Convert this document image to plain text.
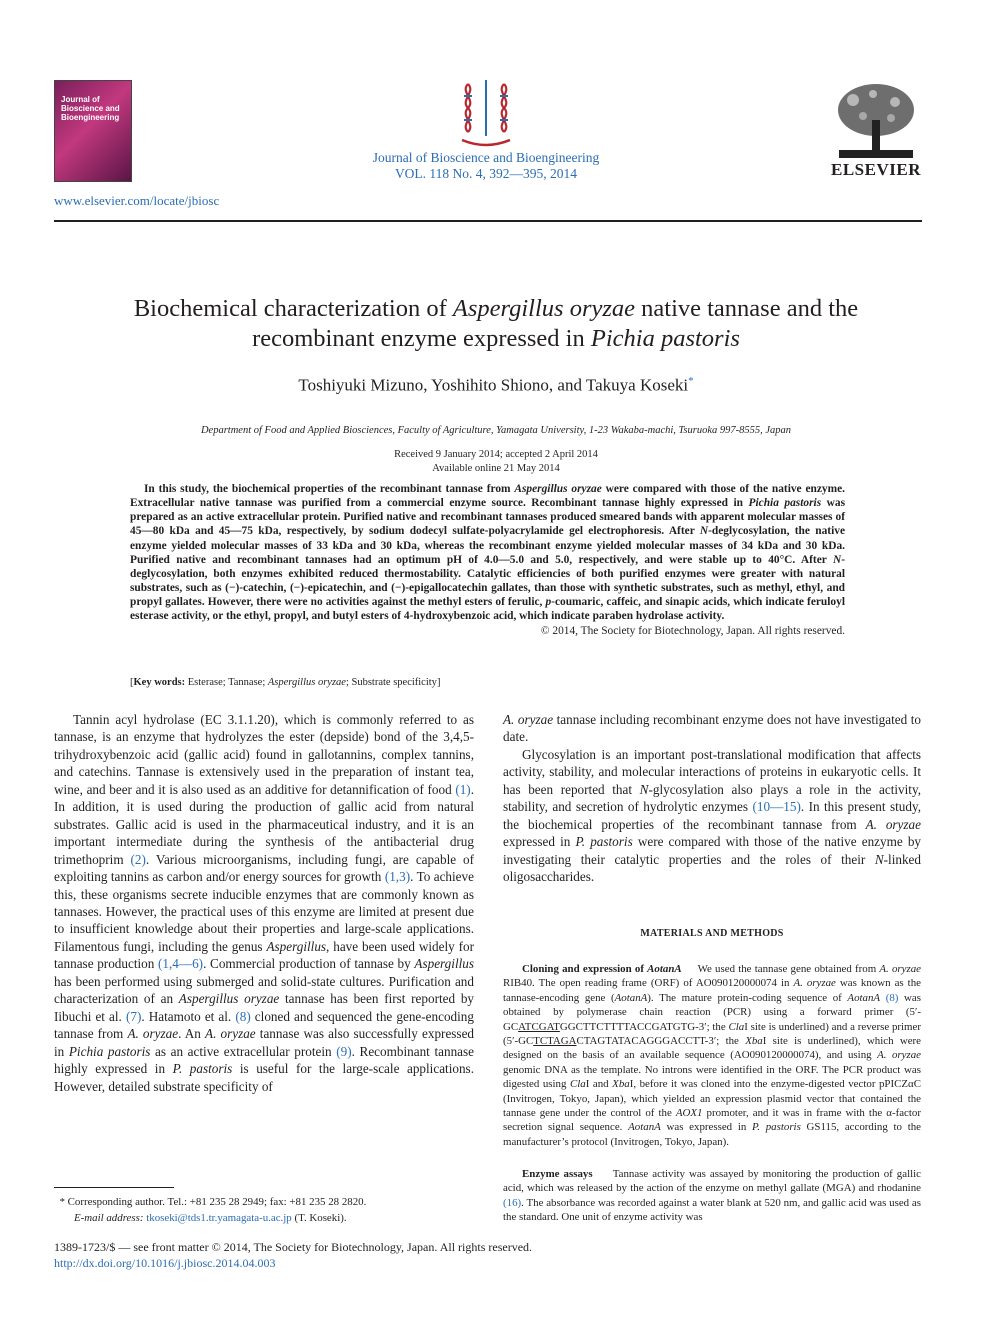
Journal of Bioscience and Bioengineering
Journal of Bioscience and Bioengineering
VOL. 118 No. 4, 392—395, 2014
www.elsevier.com/locate/jbiosc
ELSEVIER
Biochemical characterization of Aspergillus oryzae native tannase and the recombinant enzyme expressed in Pichia pastoris
Toshiyuki Mizuno, Yoshihito Shiono, and Takuya Koseki*
Department of Food and Applied Biosciences, Faculty of Agriculture, Yamagata University, 1-23 Wakaba-machi, Tsuruoka 997-8555, Japan
Received 9 January 2014; accepted 2 April 2014
Available online 21 May 2014
In this study, the biochemical properties of the recombinant tannase from Aspergillus oryzae were compared with those of the native enzyme. Extracellular native tannase was purified from a commercial enzyme source. Recombinant tannase highly expressed in Pichia pastoris was prepared as an active extracellular protein. Purified native and recombinant tannases produced smeared bands with apparent molecular masses of 45—80 kDa and 45—75 kDa, respectively, by sodium dodecyl sulfate-polyacrylamide gel electrophoresis. After N-deglycosylation, the native enzyme yielded molecular masses of 33 kDa and 30 kDa, whereas the recombinant enzyme yielded molecular masses of 34 kDa and 30 kDa. Purified native and recombinant tannases had an optimum pH of 4.0—5.0 and 5.0, respectively, and were stable up to 40°C. After N-deglycosylation, both enzymes exhibited reduced thermostability. Catalytic efficiencies of both purified enzymes were greater with natural substrates, such as (−)-catechin, (−)-epicatechin, and (−)-epigallocatechin gallates, than those with synthetic substrates, such as methyl, ethyl, and propyl gallates. However, there were no activities against the methyl esters of ferulic, p-coumaric, caffeic, and sinapic acids, which indicate feruloyl esterase activity, or the ethyl, propyl, and butyl esters of 4-hydroxybenzoic acid, which indicate paraben hydrolase activity.
© 2014, The Society for Biotechnology, Japan. All rights reserved.
[Key words: Esterase; Tannase; Aspergillus oryzae; Substrate specificity]

Tannin acyl hydrolase (EC 3.1.1.20), which is commonly referred to as tannase, is an enzyme that hydrolyzes the ester (depside) bond of the 3,4,5-trihydroxybenzoic acid (gallic acid) found in gallotannins, complex tannins, and catechins. Tannase is extensively used in the preparation of instant tea, wine, and beer and it is also used as an additive for detannification of food (1). In addition, it is used during the production of gallic acid from natural substrates. Gallic acid is used in the pharmaceutical industry, and it is an important intermediate during the synthesis of the antibacterial drug trimethoprim (2). Various microorganisms, including fungi, are capable of exploiting tannins as carbon and/or energy sources for growth (1,3). To achieve this, these organisms secrete inducible enzymes that are commonly known as tannases. However, the practical uses of this enzyme are limited at present due to insufficient knowledge about their properties and large-scale applications. Filamentous fungi, including the genus Aspergillus, have been used widely for tannase production (1,4—6). Commercial production of tannase by Aspergillus has been performed using submerged and solid-state cultures. Purification and characterization of an Aspergillus oryzae tannase has been first reported by Iibuchi et al. (7). Hatamoto et al. (8) cloned and sequenced the gene-encoding tannase from A. oryzae. An A. oryzae tannase was also successfully expressed in Pichia pastoris as an active extracellular protein (9). Recombinant tannase highly expressed in P. pastoris is useful for the large-scale applications. However, detailed substrate specificity of

A. oryzae tannase including recombinant enzyme does not have investigated to date.

Glycosylation is an important post-translational modification that affects activity, stability, and molecular interactions of proteins in eukaryotic cells. It has been reported that N-glycosylation also plays a role in the activity, stability, and secretion of hydrolytic enzymes (10—15). In this present study, the biochemical properties of the recombinant tannase from A. oryzae expressed in P. pastoris were compared with those of the native enzyme by investigating their catalytic properties and the roles of their N-linked oligosaccharides.

MATERIALS AND METHODS

Cloning and expression of AotanA We used the tannase gene obtained from A. oryzae RIB40. The open reading frame (ORF) of AO090120000074 in A. oryzae was known as the tannase-encoding gene (AotanA). The mature protein-coding sequence of AotanA (8) was obtained by polymerase chain reaction (PCR) using a forward primer (5′-GCATCGATGGCTTCTTTTACCGATGTG-3′; the ClaI site is underlined) and a reverse primer (5′-GCTCTAGACTAGTATACAGGGACCTT-3′; the XbaI site is underlined), which were designed on the basis of an available sequence (AO090120000074), and using A. oryzae genomic DNA as the template. No introns were identified in the ORF. The PCR product was digested using ClaI and XbaI, before it was cloned into the enzyme-digested vector pPICZαC (Invitrogen, Tokyo, Japan), which yielded an expression plasmid vector that contained the tannase gene under the control of the AOX1 promoter, and it was in frame with the α-factor secretion signal sequence. AotanA was expressed in P. pastoris GS115, according to the manufacturer’s protocol (Invitrogen, Tokyo, Japan).

Enzyme assays Tannase activity was assayed by monitoring the production of gallic acid, which was released by the action of the enzyme on methyl gallate (MGA) and rhodanine (16). The absorbance was recorded against a water blank at 520 nm, and gallic acid was used as the standard. One unit of enzyme activity was

* Corresponding author. Tel.: +81 235 28 2949; fax: +81 235 28 2820.
E-mail address: tkoseki@tds1.tr.yamagata-u.ac.jp (T. Koseki).
1389-1723/$ — see front matter © 2014, The Society for Biotechnology, Japan. All rights reserved.
http://dx.doi.org/10.1016/j.jbiosc.2014.04.003
